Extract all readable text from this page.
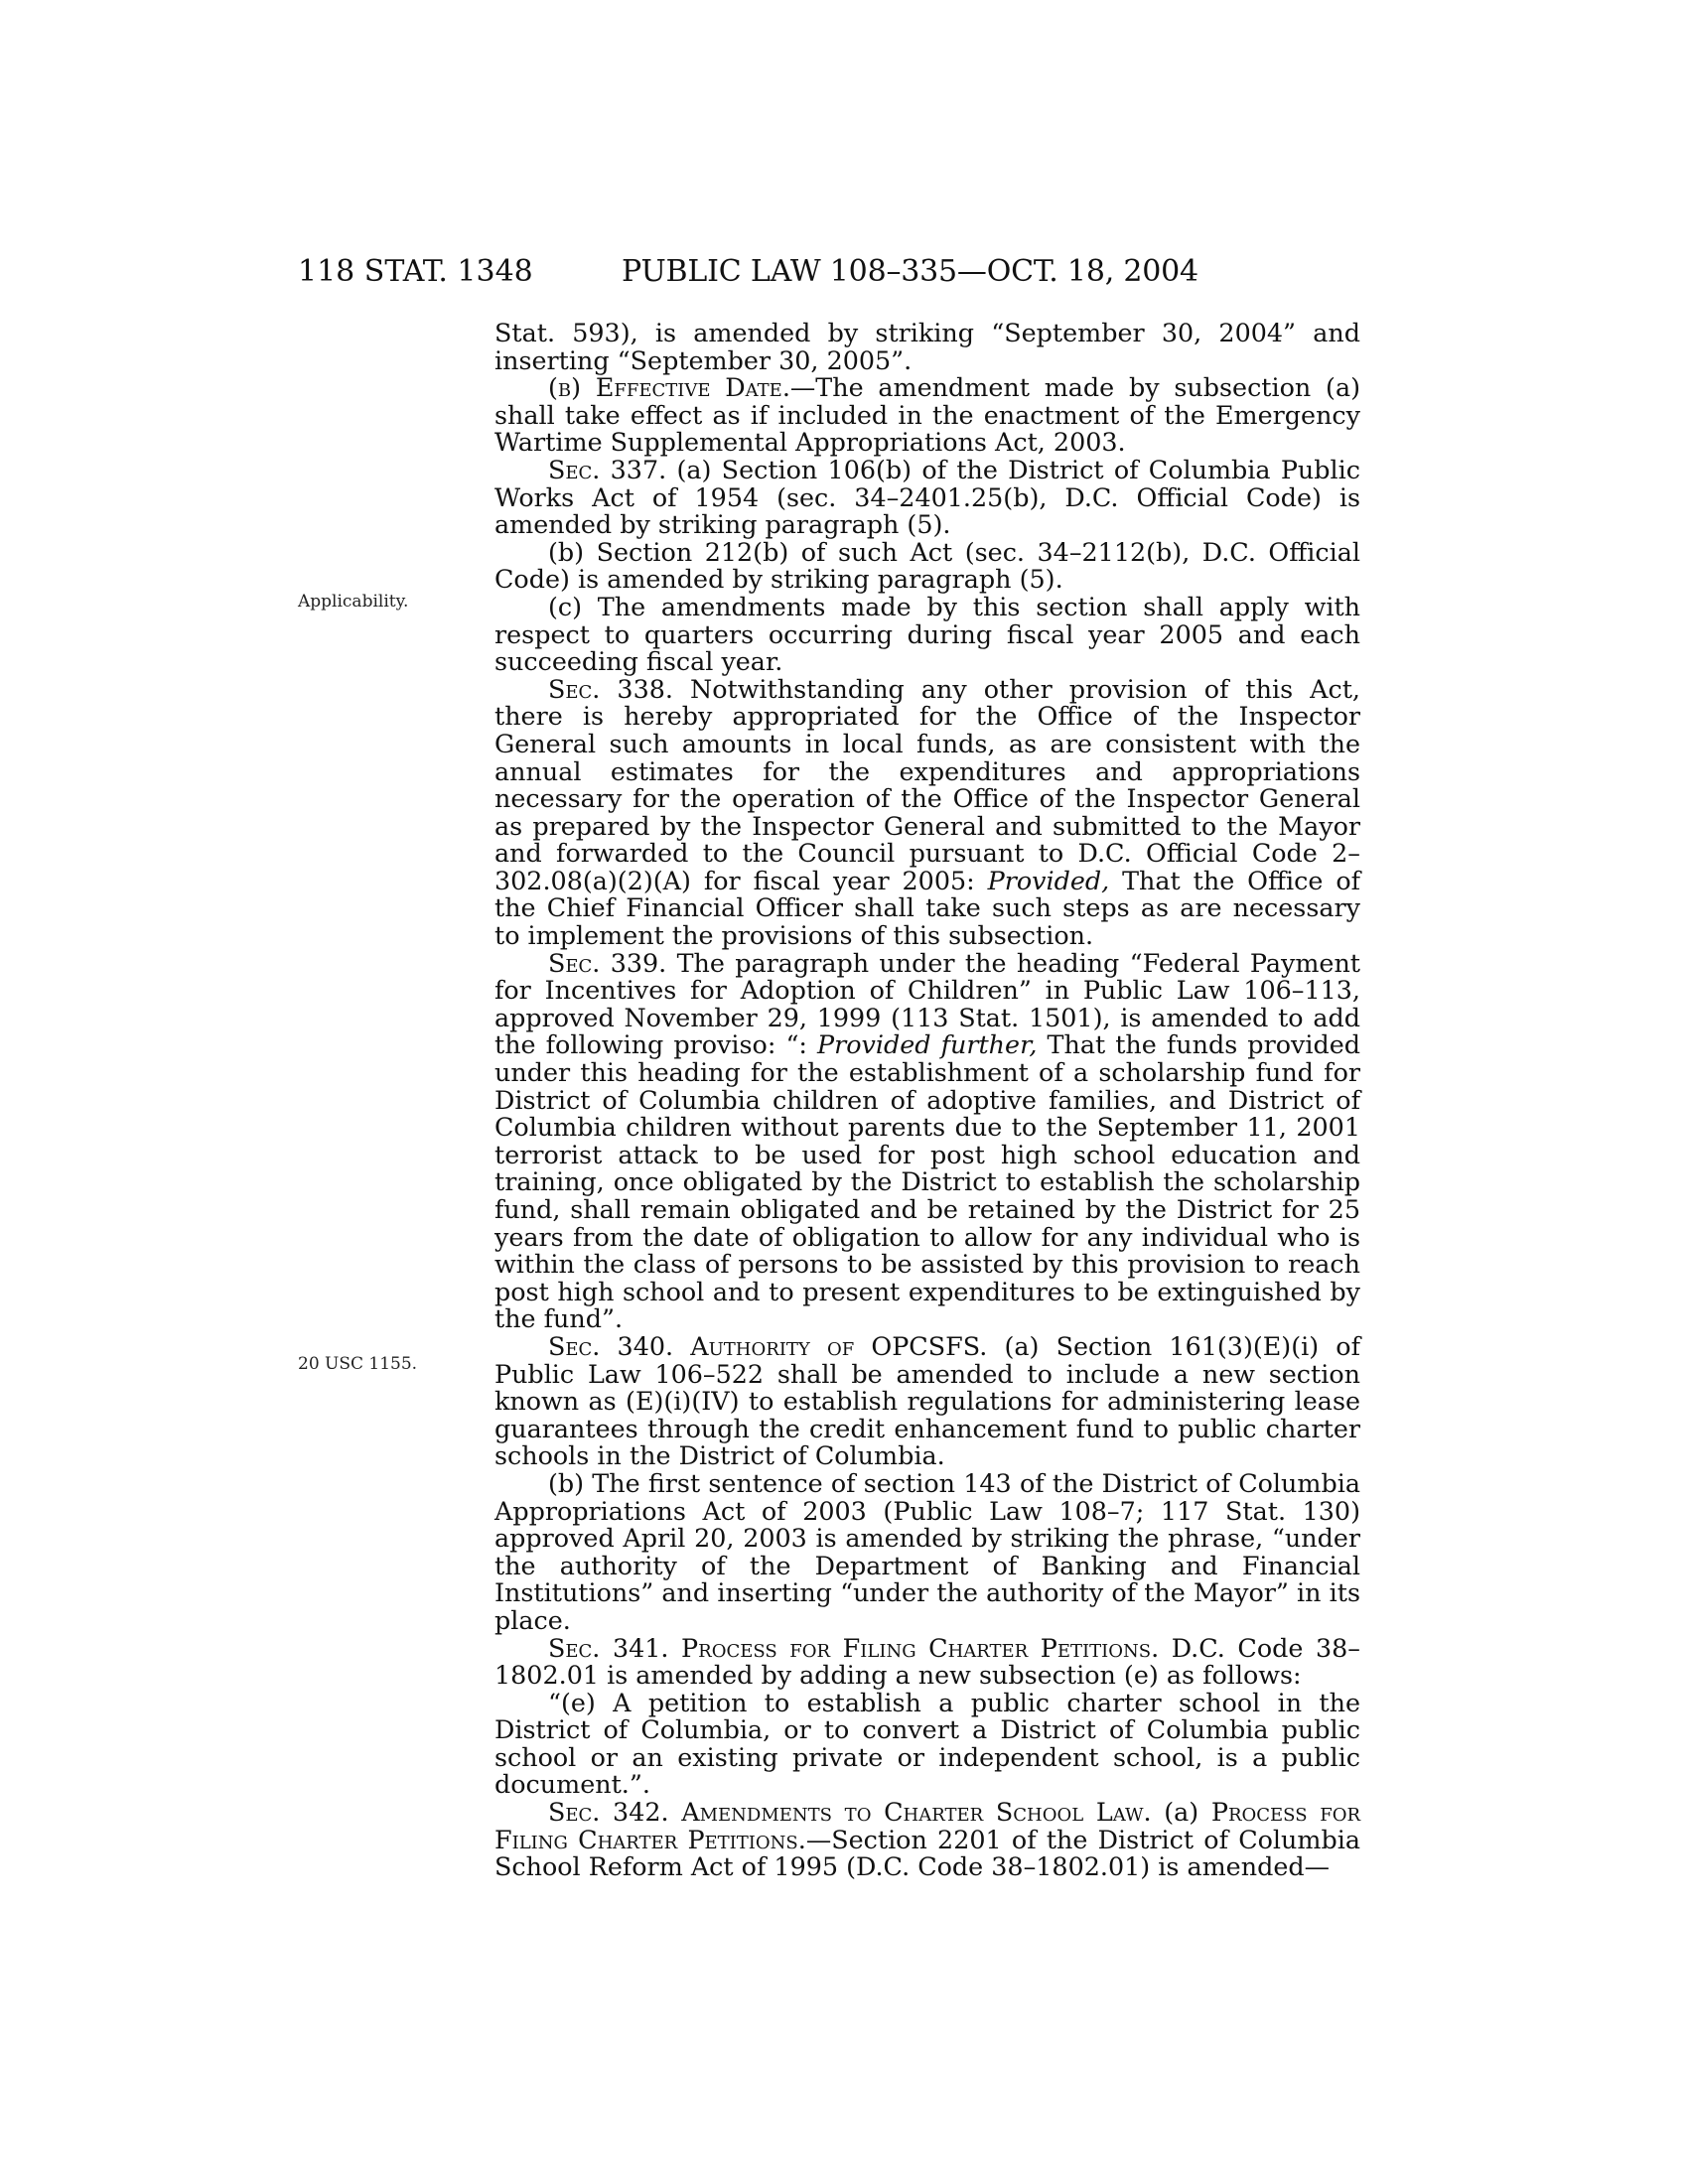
118 STAT. 1348	PUBLIC LAW 108–335—OCT. 18, 2004
Applicability.
20 USC 1155.

Stat. 593), is amended by striking “September 30, 2004” and inserting “September 30, 2005”.

(b) Effective Date.—The amendment made by subsection (a) shall take effect as if included in the enactment of the Emergency Wartime Supplemental Appropriations Act, 2003.

Sec. 337. (a) Section 106(b) of the District of Columbia Public Works Act of 1954 (sec. 34–2401.25(b), D.C. Official Code) is amended by striking paragraph (5).

(b) Section 212(b) of such Act (sec. 34–2112(b), D.C. Official Code) is amended by striking paragraph (5).

(c) The amendments made by this section shall apply with respect to quarters occurring during fiscal year 2005 and each succeeding fiscal year.

Sec. 338. Notwithstanding any other provision of this Act, there is hereby appropriated for the Office of the Inspector General such amounts in local funds, as are consistent with the annual estimates for the expenditures and appropriations necessary for the operation of the Office of the Inspector General as prepared by the Inspector General and submitted to the Mayor and forwarded to the Council pursuant to D.C. Official Code 2–302.08(a)(2)(A) for fiscal year 2005: Provided, That the Office of the Chief Financial Officer shall take such steps as are necessary to implement the provisions of this subsection.

Sec. 339. The paragraph under the heading “Federal Payment for Incentives for Adoption of Children” in Public Law 106–113, approved November 29, 1999 (113 Stat. 1501), is amended to add the following proviso: “: Provided further, That the funds provided under this heading for the establishment of a scholarship fund for District of Columbia children of adoptive families, and District of Columbia children without parents due to the September 11, 2001 terrorist attack to be used for post high school education and training, once obligated by the District to establish the scholarship fund, shall remain obligated and be retained by the District for 25 years from the date of obligation to allow for any individual who is within the class of persons to be assisted by this provision to reach post high school and to present expenditures to be extinguished by the fund”.

Sec. 340. Authority of OPCSFS. (a) Section 161(3)(E)(i) of Public Law 106–522 shall be amended to include a new section known as (E)(i)(IV) to establish regulations for administering lease guarantees through the credit enhancement fund to public charter schools in the District of Columbia.

(b) The first sentence of section 143 of the District of Columbia Appropriations Act of 2003 (Public Law 108–7; 117 Stat. 130) approved April 20, 2003 is amended by striking the phrase, “under the authority of the Department of Banking and Financial Institutions” and inserting “under the authority of the Mayor” in its place.

Sec. 341. Process for Filing Charter Petitions. D.C. Code 38–1802.01 is amended by adding a new subsection (e) as follows:

“(e) A petition to establish a public charter school in the District of Columbia, or to convert a District of Columbia public school or an existing private or independent school, is a public document.”.

Sec. 342. Amendments to Charter School Law. (a) Process for Filing Charter Petitions.—Section 2201 of the District of Columbia School Reform Act of 1995 (D.C. Code 38–1802.01) is amended—
